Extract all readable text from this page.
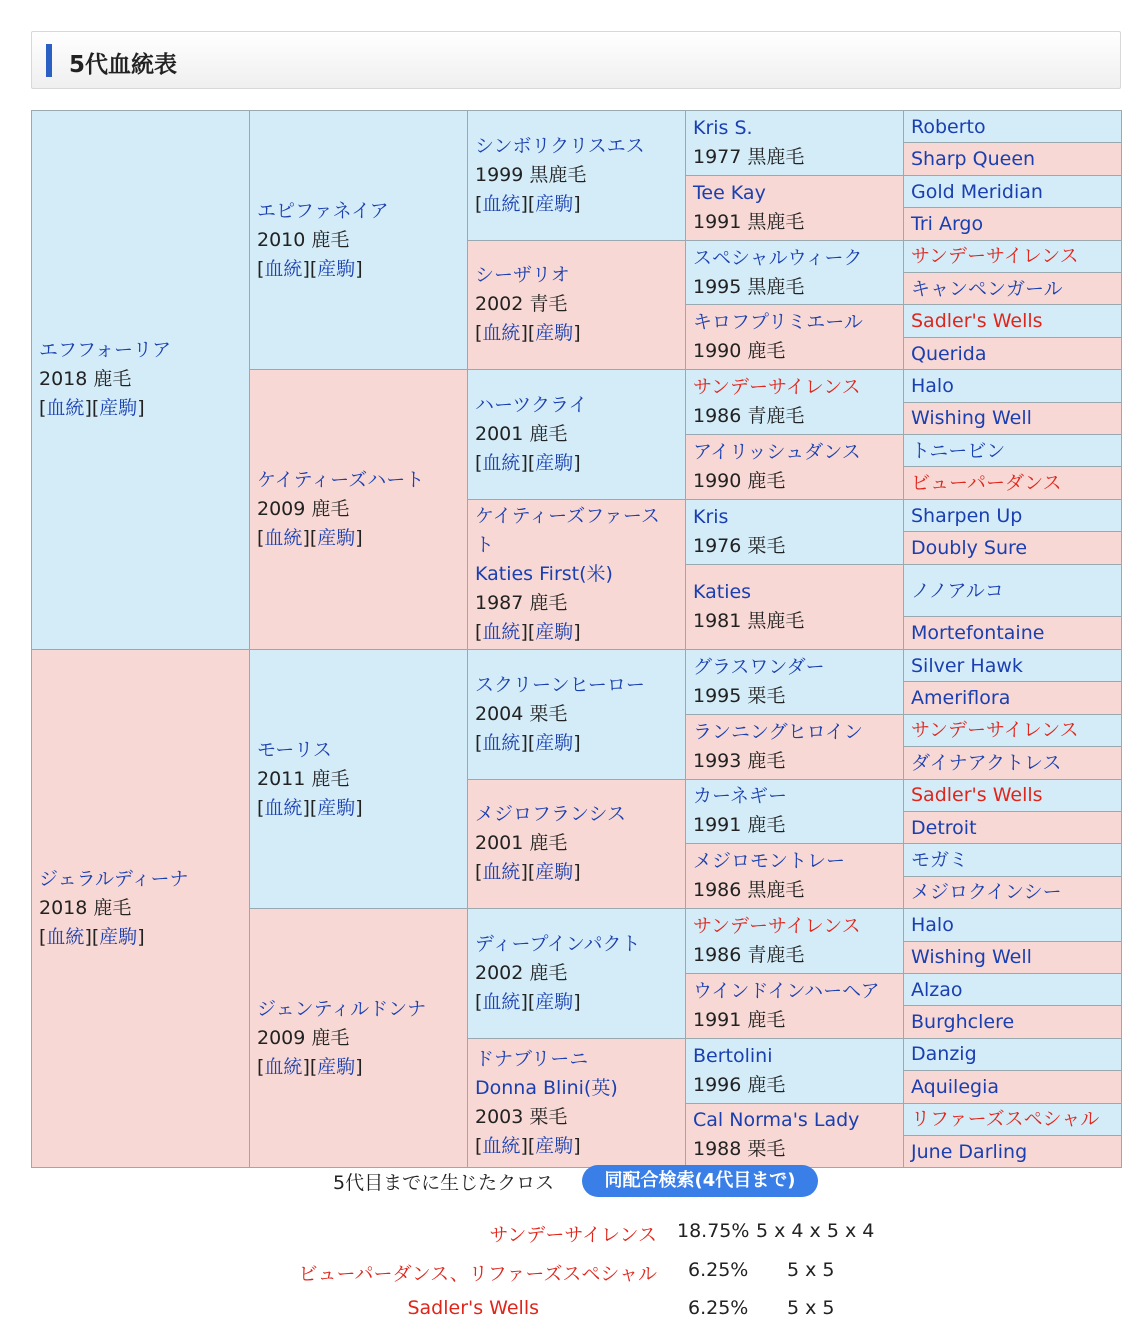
5代血統表
エフフォーリア
2018 鹿毛
[血統][産駒]	エピファネイア
2010 鹿毛
[血統][産駒]	シンボリクリスエス
1999 黒鹿毛
[血統][産駒]	Kris S.
1977 黒鹿毛	Roberto
				Sharp Queen
			Tee Kay
1991 黒鹿毛	Gold Meridian
				Tri Argo
		シーザリオ
2002 青毛
[血統][産駒]	スペシャルウィーク
1995 黒鹿毛	サンデーサイレンス
				キャンペンガール
			キロフプリミエール
1990 鹿毛	Sadler's Wells
				Querida
	ケイティーズハート
2009 鹿毛
[血統][産駒]	ハーツクライ
2001 鹿毛
[血統][産駒]	サンデーサイレンス
1986 青鹿毛	Halo
				Wishing Well
			アイリッシュダンス
1990 鹿毛	トニービン
				ビューパーダンス
		ケイティーズファースト
Katies First(米)
1987 鹿毛
[血統][産駒]	Kris
1976 栗毛	Sharpen Up
				Doubly Sure
			Katies
1981 黒鹿毛	ノノアルコ
				Mortefontaine
ジェラルディーナ
2018 鹿毛
[血統][産駒]	モーリス
2011 鹿毛
[血統][産駒]	スクリーンヒーロー
2004 栗毛
[血統][産駒]	グラスワンダー
1995 栗毛	Silver Hawk
				Ameriflora
			ランニングヒロイン
1993 鹿毛	サンデーサイレンス
				ダイナアクトレス
		メジロフランシス
2001 鹿毛
[血統][産駒]	カーネギー
1991 鹿毛	Sadler's Wells
				Detroit
			メジロモントレー
1986 黒鹿毛	モガミ
				メジロクインシー
	ジェンティルドンナ
2009 鹿毛
[血統][産駒]	ディープインパクト
2002 鹿毛
[血統][産駒]	サンデーサイレンス
1986 青鹿毛	Halo
				Wishing Well
			ウインドインハーヘア
1991 鹿毛	Alzao
				Burghclere
		ドナブリーニ
Donna Blini(英)
2003 栗毛
[血統][産駒]	Bertolini
1996 鹿毛	Danzig
				Aquilegia
			Cal Norma's Lady
1988 栗毛	リファーズスペシャル
				June Darling
5代目までに生じたクロス	同配合検索(4代目まで)
サンデーサイレンス 18.75% 5 x 4 x 5 x 4
ビューパーダンス、リファーズスペシャル 6.25% 5 x 5
Sadler's Wells	6.25% 5 x 5
